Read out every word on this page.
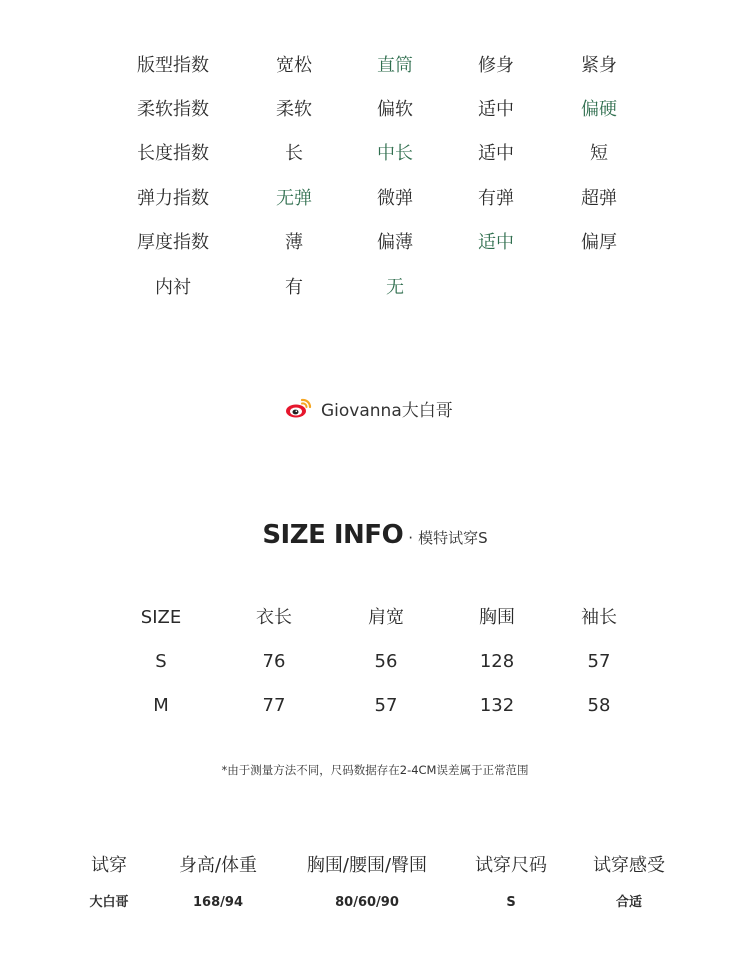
版型指数	宽松	直筒	修身	紧身
柔软指数	柔软	偏软	适中	偏硬
长度指数	长	中长	适中	短
弹力指数	无弹	微弹	有弹	超弹
厚度指数	薄	偏薄	适中	偏厚
内衬	有	无
Giovanna大白哥
SIZE INFO · 模特试穿S
SIZE	衣长	肩宽	胸围	袖长
S	76	56	128	57
M	77	57	132	58
*由于测量方法不同，尺码数据存在2-4CM误差属于正常范围
试穿	身高/体重	胸围/腰围/臀围	试穿尺码	试穿感受
大白哥	168/94	80/60/90	S	合适
